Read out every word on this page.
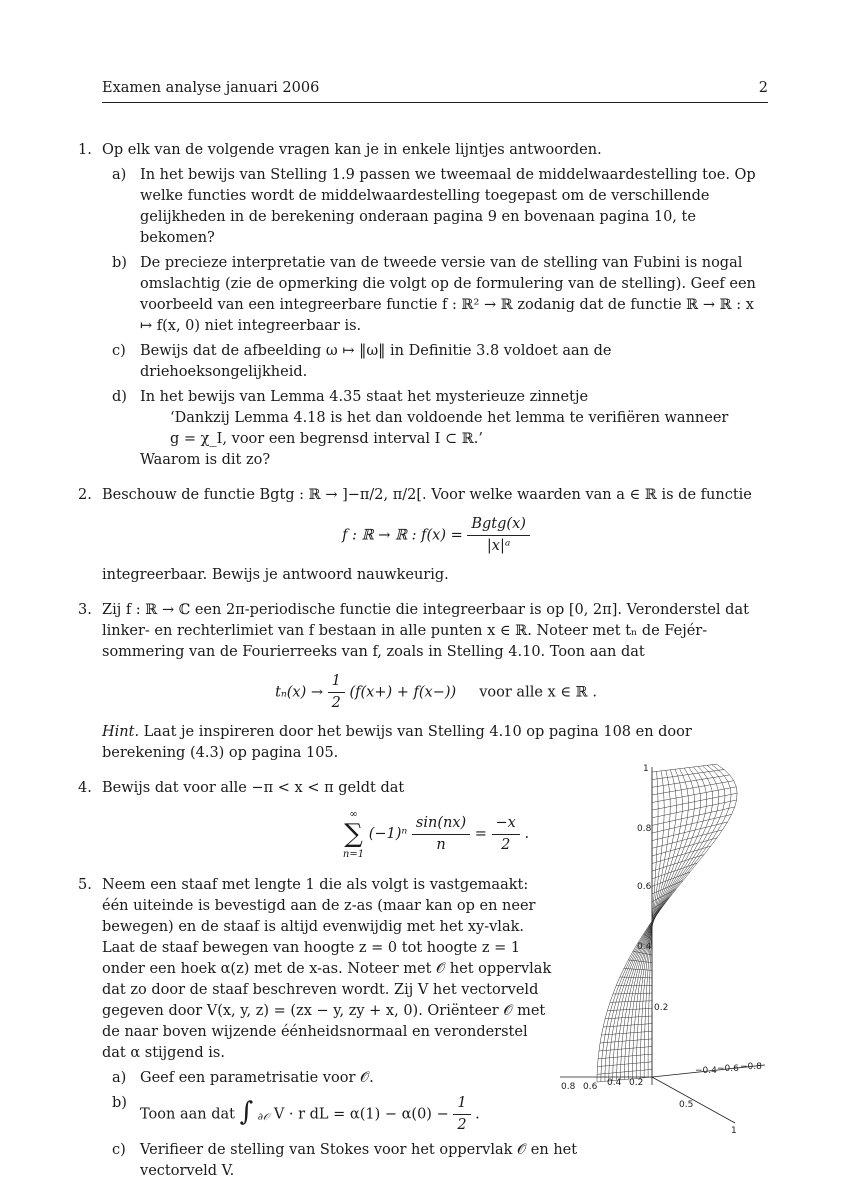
Examen analyse januari 2006	2
1. Op elk van de volgende vragen kan je in enkele lijntjes antwoorden.
a) In het bewijs van Stelling 1.9 passen we tweemaal de middelwaardestelling toe. Op welke functies wordt de middelwaardestelling toegepast om de verschillende gelijkheden in de berekening onderaan pagina 9 en bovenaan pagina 10, te bekomen?
b) De precieze interpretatie van de tweede versie van de stelling van Fubini is nogal omslachtig (zie de opmerking die volgt op de formulering van de stelling). Geef een voorbeeld van een integreerbare functie f : ℝ² → ℝ zodanig dat de functie ℝ → ℝ : x ↦ f(x, 0) niet integreerbaar is.
c) Bewijs dat de afbeelding ω ↦ ‖ω‖ in Definitie 3.8 voldoet aan de driehoeksongelijkheid.
d) In het bewijs van Lemma 4.35 staat het mysterieuze zinnetje
‘Dankzij Lemma 4.18 is het dan voldoende het lemma te verifiëren wanneer
g = χ_I, voor een begrensd interval I ⊂ ℝ.’
Waarom is dit zo?
2. Beschouw de functie Bgtg : ℝ → ]−π/2, π/2[. Voor welke waarden van a ∈ ℝ is de functie
f : ℝ → ℝ : $f(x) = \frac{\text{Bgtg(x)}}{\text{|x|ᵃ}}$
integreerbaar. Bewijs je antwoord nauwkeurig.
3. Zij f : ℝ → ℂ een 2π-periodische functie die integreerbaar is op [0, 2π]. Veronderstel dat linker- en rechterlimiet van f bestaan in alle punten x ∈ ℝ. Noteer met tₙ de Fejér-sommering van de Fourierreeks van f, zoals in Stelling 4.10. Toon aan dat
$t_n(x) \to \frac{1}{2} (f(x+) + f(x-))$ voor alle x ∈ ℝ .
Hint. Laat je inspireren door het bewijs van Stelling 4.10 op pagina 108 en door berekening (4.3) op pagina 105.
4. Bewijs dat voor alle −π < x < π geldt dat
∞
∑
n=1 $(-1)^n \frac{\sin(nx)}{n} = \frac{-x}{2}$ .
5. Neem een staaf met lengte 1 die als volgt is vastgemaakt: één uiteinde is bevestigd aan de z-as (maar kan op en neer bewegen) en de staaf is altijd evenwijdig met het xy-vlak. Laat de staaf bewegen van hoogte z = 0 tot hoogte z = 1 onder een hoek α(z) met de x-as. Noteer met 𝒪 het oppervlak dat zo door de staaf beschreven wordt. Zij V het vectorveld gegeven door V(x, y, z) = (zx − y, zy + x, 0). Oriënteer 𝒪 met de naar boven wijzende éénheidsnormaal en veronderstel dat α stijgend is.
a) Geef een parametrisatie voor 𝒪.
b)
Toon aan dat ∫ ∂𝒪 V · r dL = $\alpha(1) - \alpha(0) - \frac{1}{2}$ .
c) Verifieer de stelling van Stokes voor het oppervlak 𝒪 en het vectorveld V.
1
0.8
0.6
0.4
0.2
0.8 0.6 0.4 0.2
−0.4 −0.6 −0.8
0.5
1
